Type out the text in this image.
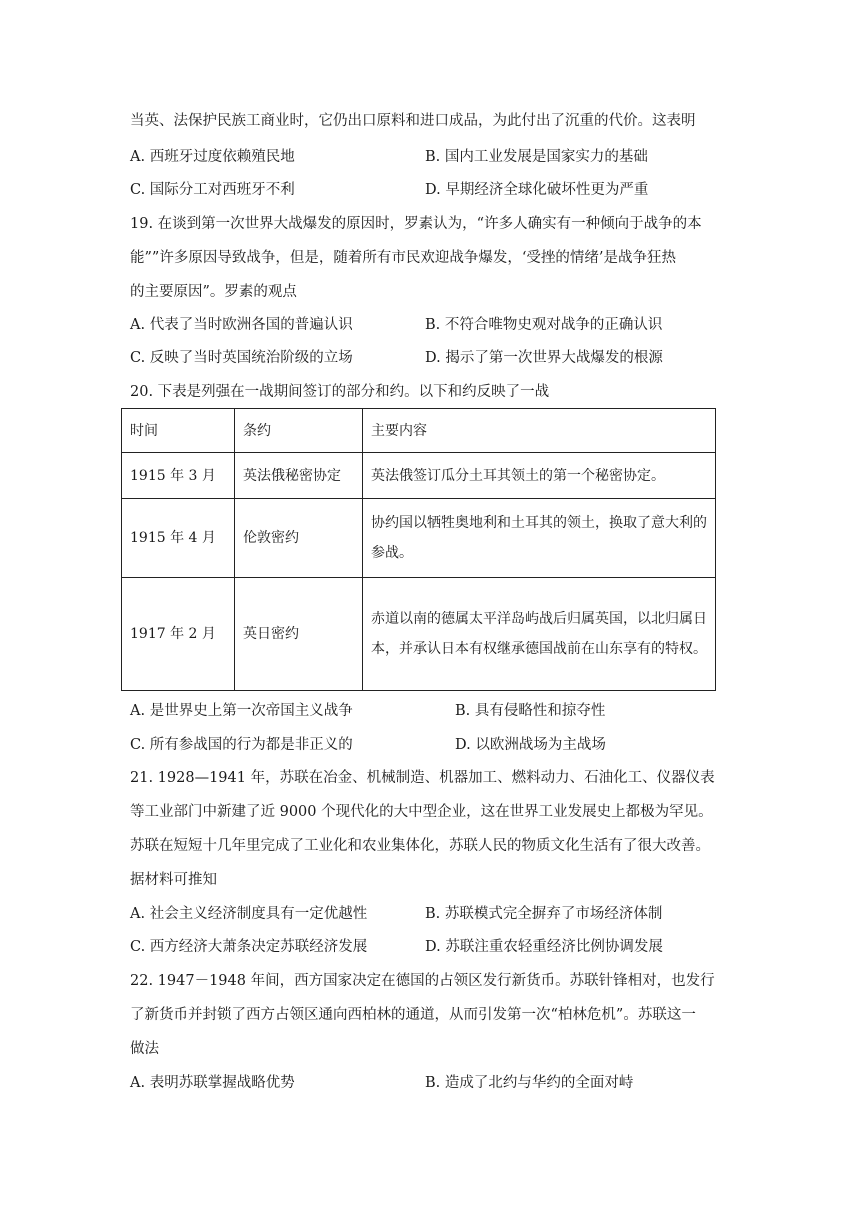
当英、法保护民族工商业时，它仍出口原料和进口成品，为此付出了沉重的代价。这表明
A. 西班牙过度依赖殖民地	B. 国内工业发展是国家实力的基础
C. 国际分工对西班牙不利	D. 早期经济全球化破坏性更为严重
19. 在谈到第一次世界大战爆发的原因时，罗素认为，“许多人确实有一种倾向于战争的本
能””许多原因导致战争，但是，随着所有市民欢迎战争爆发，‘受挫的情绪’是战争狂热
的主要原因”。罗素的观点
A. 代表了当时欧洲各国的普遍认识	B. 不符合唯物史观对战争的正确认识
C. 反映了当时英国统治阶级的立场	D. 揭示了第一次世界大战爆发的根源
20. 下表是列强在一战期间签订的部分和约。以下和约反映了一战
时间	条约	主要内容
1915 年 3 月	英法俄秘密协定	英法俄签订瓜分土耳其领土的第一个秘密协定。
1915 年 4 月	伦敦密约	协约国以牺牲奥地利和土耳其的领土，换取了意大利的参战。
1917 年 2 月	英日密约	赤道以南的德属太平洋岛屿战后归属英国，以北归属日本，并承认日本有权继承德国战前在山东享有的特权。
A. 是世界史上第一次帝国主义战争	B. 具有侵略性和掠夺性
C. 所有参战国的行为都是非正义的	D. 以欧洲战场为主战场
21. 1928—1941 年，苏联在冶金、机械制造、机器加工、燃料动力、石油化工、仪器仪表
等工业部门中新建了近 9000 个现代化的大中型企业，这在世界工业发展史上都极为罕见。
苏联在短短十几年里完成了工业化和农业集体化，苏联人民的物质文化生活有了很大改善。
据材料可推知
A. 社会主义经济制度具有一定优越性	B. 苏联模式完全摒弃了市场经济体制
C. 西方经济大萧条决定苏联经济发展	D. 苏联注重农轻重经济比例协调发展
22. 1947－1948 年间，西方国家决定在德国的占领区发行新货币。苏联针锋相对，也发行
了新货币并封锁了西方占领区通向西柏林的通道，从而引发第一次“柏林危机”。苏联这一
做法
A. 表明苏联掌握战略优势	B. 造成了北约与华约的全面对峙
